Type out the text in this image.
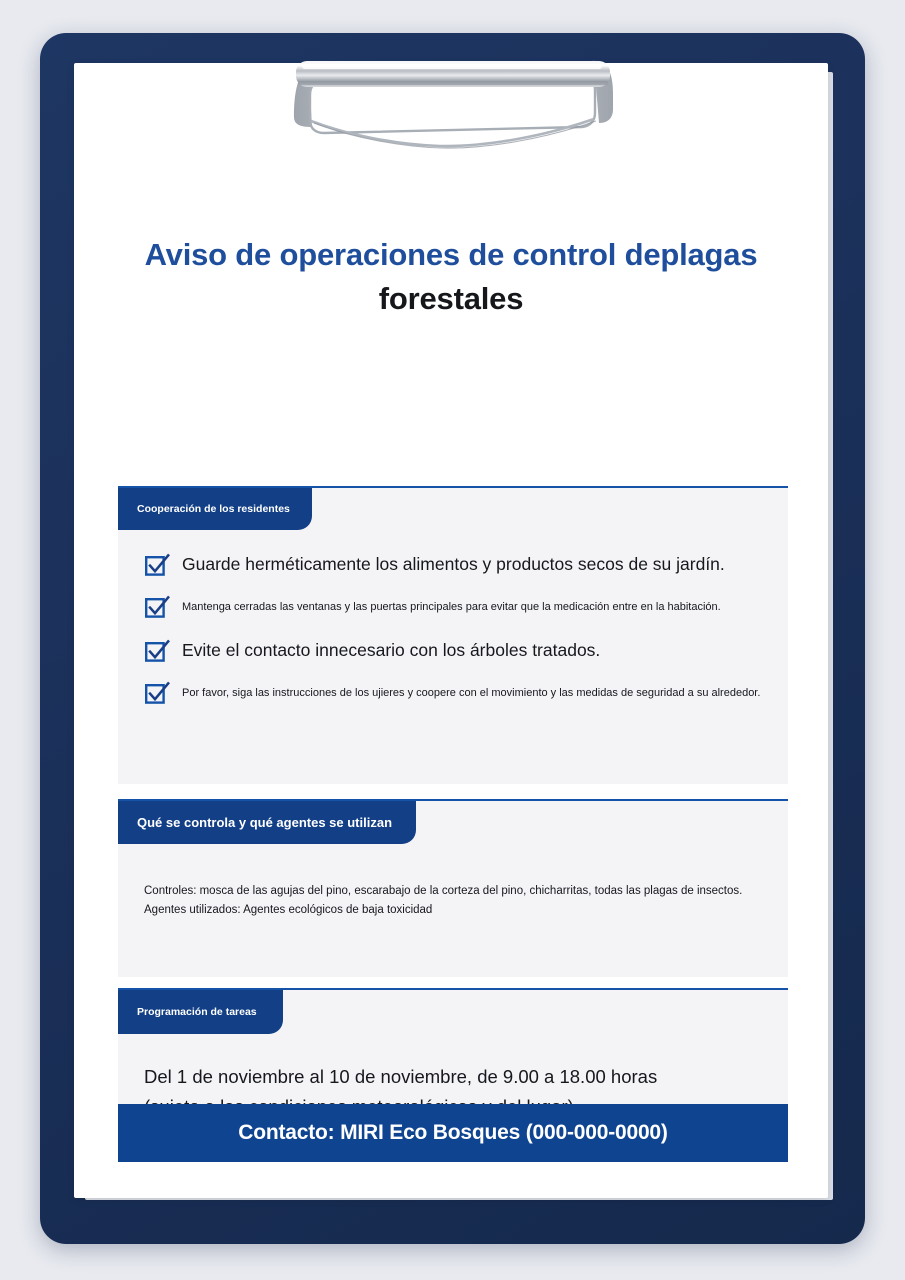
Aviso de operaciones de control deplagas
forestales
Cooperación de los residentes
Guarde herméticamente los alimentos y productos secos de su jardín.
Mantenga cerradas las ventanas y las puertas principales para evitar que la medicación entre en la habitación.
Evite el contacto innecesario con los árboles tratados.
Por favor, siga las instrucciones de los ujieres y coopere con el movimiento y las medidas de seguridad a su alrededor.
Qué se controla y qué agentes se utilizan
Controles: mosca de las agujas del pino, escarabajo de la corteza del pino, chicharritas, todas las plagas de insectos.
Agentes utilizados: Agentes ecológicos de baja toxicidad
Programación de tareas
Del 1 de noviembre al 10 de noviembre, de 9.00 a 18.00 horas
Contacto: MIRI Eco Bosques (000-000-0000)
